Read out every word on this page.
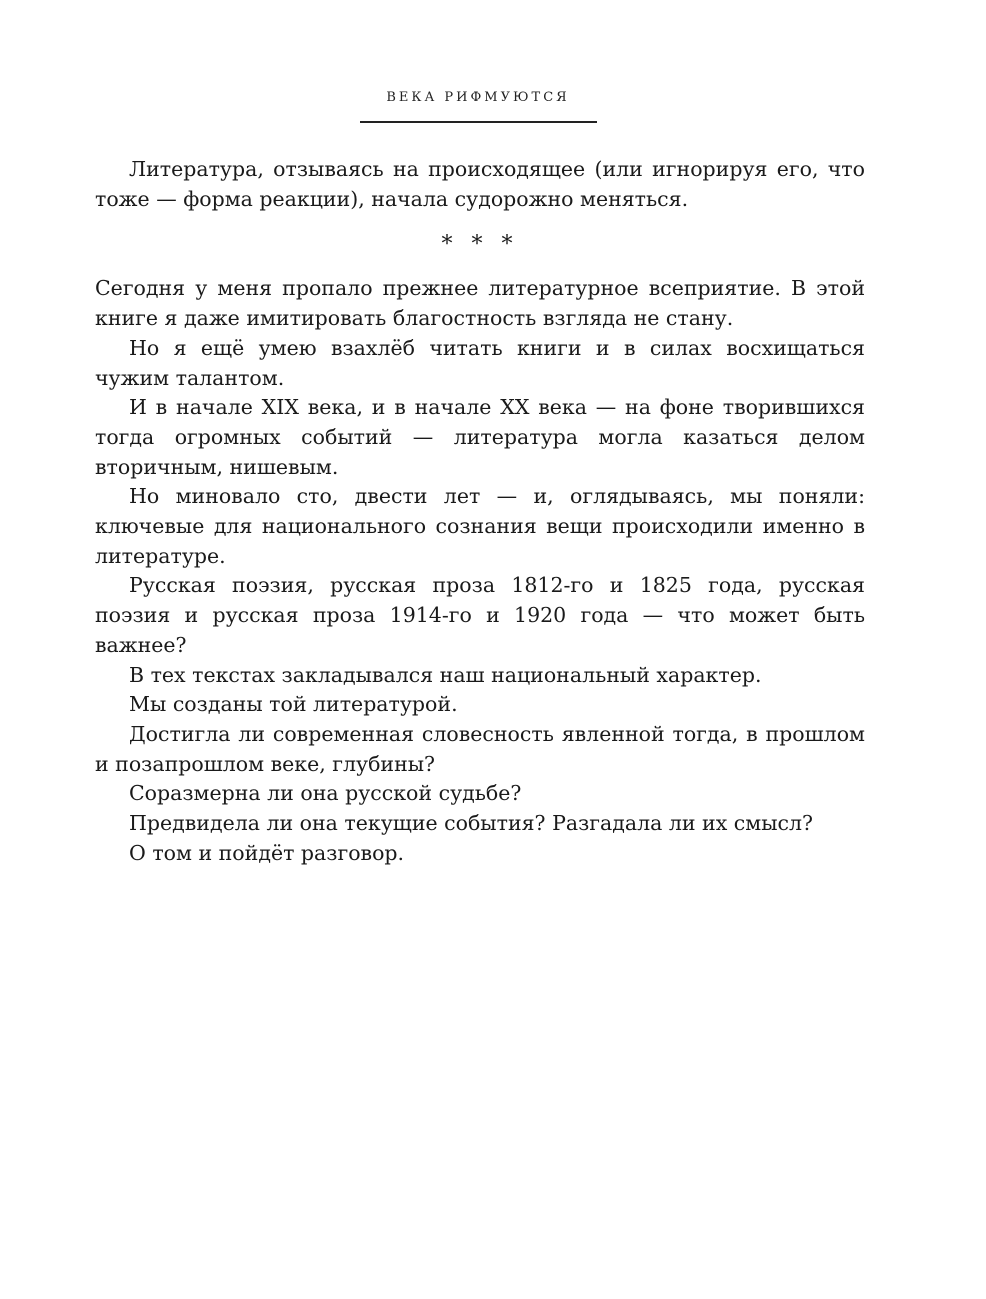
ВЕКА РИФМУЮТСЯ

Литература, отзываясь на происходящее (или игнорируя его, что тоже — форма реакции), начала судорожно меняться.

* * *

Сегодня у меня пропало прежнее литературное всеприятие. В этой книге я даже имитировать благостность взгляда не стану.

Но я ещё умею взахлёб читать книги и в силах восхищаться чужим талантом.

И в начале XIX века, и в начале XX века — на фоне творившихся тогда огромных событий — литература могла казаться делом вторичным, нишевым.

Но миновало сто, двести лет — и, оглядываясь, мы поняли: ключевые для национального сознания вещи происходили именно в литературе.

Русская поэзия, русская проза 1812-го и 1825 года, русская поэзия и русская проза 1914-го и 1920 года — что может быть важнее?

В тех текстах закладывался наш национальный характер.

Мы созданы той литературой.

Достигла ли современная словесность явленной тогда, в прошлом и позапрошлом веке, глубины?

Соразмерна ли она русской судьбе?

Предвидела ли она текущие события? Разгадала ли их смысл?

О том и пойдёт разговор.
